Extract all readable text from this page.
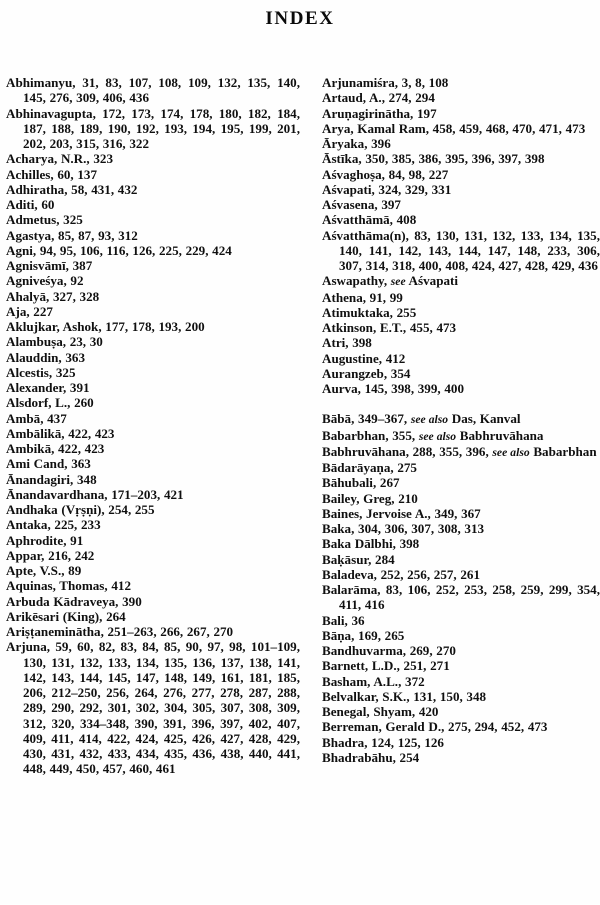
INDEX
Abhimanyu, 31, 83, 107, 108, 109, 132, 135, 140, 145, 276, 309, 406, 436
Abhinavagupta, 172, 173, 174, 178, 180, 182, 184, 187, 188, 189, 190, 192, 193, 194, 195, 199, 201, 202, 203, 315, 316, 322
Acharya, N.R., 323
Achilles, 60, 137
Adhiratha, 58, 431, 432
Aditi, 60
Admetus, 325
Agastya, 85, 87, 93, 312
Agni, 94, 95, 106, 116, 126, 225, 229, 424
Agnisvāmī, 387
Agniveśya, 92
Ahalyā, 327, 328
Aja, 227
Aklujkar, Ashok, 177, 178, 193, 200
Alambuṣa, 23, 30
Alauddin, 363
Alcestis, 325
Alexander, 391
Alsdorf, L., 260
Ambā, 437
Ambālikā, 422, 423
Ambikā, 422, 423
Ami Cand, 363
Ānandagiri, 348
Ānandavardhana, 171–203, 421
Andhaka (Vṛṣṇi), 254, 255
Antaka, 225, 233
Aphrodite, 91
Appar, 216, 242
Apte, V.S., 89
Aquinas, Thomas, 412
Arbuda Kādraveya, 390
Arikēsari (King), 264
Ariṣṭaneminātha, 251–263, 266, 267, 270
Arjuna, 59, 60, 82, 83, 84, 85, 90, 97, 98, 101–109, 130, 131, 132, 133, 134, 135, 136, 137, 138, 141, 142, 143, 144, 145, 147, 148, 149, 161, 181, 185, 206, 212–250, 256, 264, 276, 277, 278, 287, 288, 289, 290, 292, 301, 302, 304, 305, 307, 308, 309, 312, 320, 334–348, 390, 391, 396, 397, 402, 407, 409, 411, 414, 422, 424, 425, 426, 427, 428, 429, 430, 431, 432, 433, 434, 435, 436, 438, 440, 441, 448, 449, 450, 457, 460, 461
Arjunamiśra, 3, 8, 108
Artaud, A., 274, 294
Aruṇagirinātha, 197
Arya, Kamal Ram, 458, 459, 468, 470, 471, 473
Āryaka, 396
Āstīka, 350, 385, 386, 395, 396, 397, 398
Aśvaghoṣa, 84, 98, 227
Aśvapati, 324, 329, 331
Aśvasena, 397
Aśvatthāmā, 408
Aśvatthāma(n), 83, 130, 131, 132, 133, 134, 135, 140, 141, 142, 143, 144, 147, 148, 233, 306, 307, 314, 318, 400, 408, 424, 427, 428, 429, 436
Aswapathy, see Aśvapati
Athena, 91, 99
Atimuktaka, 255
Atkinson, E.T., 455, 473
Atri, 398
Augustine, 412
Aurangzeb, 354
Aurva, 145, 398, 399, 400
Bābā, 349–367, see also Das, Kanval
Babarbhan, 355, see also Babhruvāhana
Babhruvāhana, 288, 355, 396, see also Babarbhan
Bādarāyaṇa, 275
Bāhubali, 267
Bailey, Greg, 210
Baines, Jervoise A., 349, 367
Baka, 304, 306, 307, 308, 313
Baka Dālbhi, 398
Baḳāsur, 284
Baladeva, 252, 256, 257, 261
Balarāma, 83, 106, 252, 253, 258, 259, 299, 354, 411, 416
Bali, 36
Bāṇa, 169, 265
Bandhuvarma, 269, 270
Barnett, L.D., 251, 271
Basham, A.L., 372
Belvalkar, S.K., 131, 150, 348
Benegal, Shyam, 420
Berreman, Gerald D., 275, 294, 452, 473
Bhadra, 124, 125, 126
Bhadrabāhu, 254
